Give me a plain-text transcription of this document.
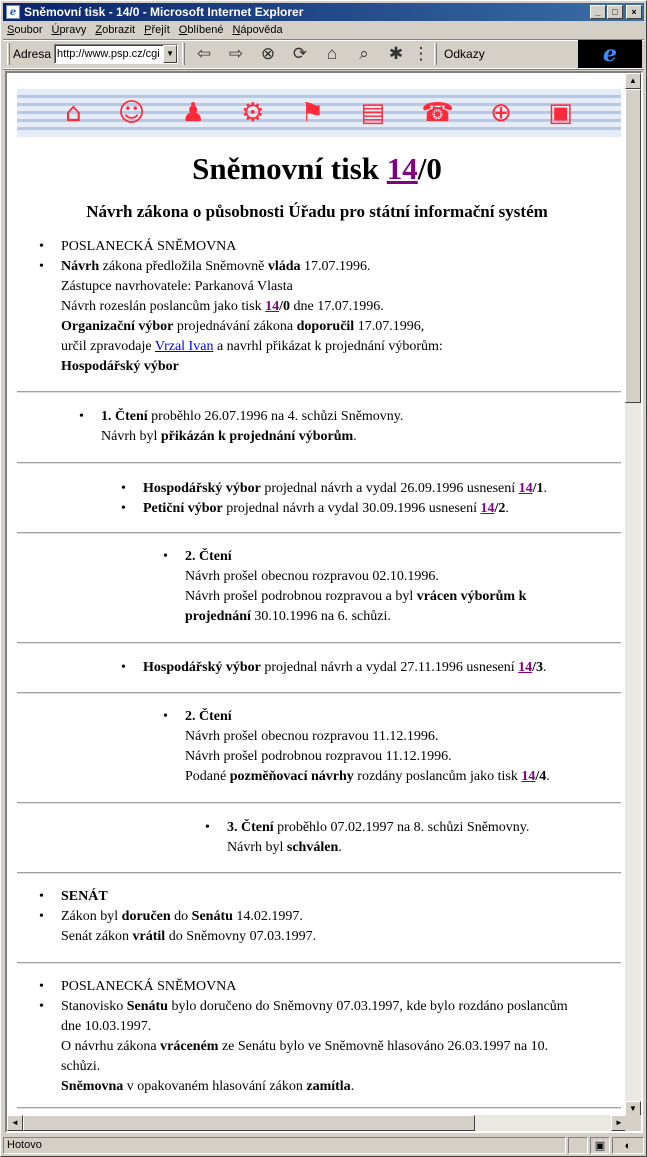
e Sněmovní tisk - 14/0 - Microsoft Internet Explorer	_	□	×
Soubor Úpravy Zobrazit Přejít Oblíbené Nápověda
Adresa http://www.psp.cz/cgi ▼	⇦	⇨	⊗	⟳	⌂	⌕	✱ ⋮ Odkazy	e
⌂ ☺ ♟ ⚙ ⚑ ▤ ☎ ⊕ ▣
Sněmovní tisk 14/0
Návrh zákona o působnosti Úřadu pro státní informační systém
•
•
POSLANECKÁ SNĚMOVNA
Návrh zákona předložila Sněmovně vláda 17.07.1996.
Zástupce navrhovatele: Parkanová Vlasta
Návrh rozeslán poslancům jako tisk 14/0 dne 17.07.1996.
Organizační výbor projednávání zákona doporučil 17.07.1996,
určil zpravodaje Vrzal Ivan a navrhl přikázat k projednání výborům:
Hospodářský výbor
• 1. Čtení proběhlo 26.07.1996 na 4. schůzi Sněmovny.
Návrh byl přikázán k projednání výborům.
•
•
Hospodářský výbor projednal návrh a vydal 26.09.1996 usnesení 14/1.
Petiční výbor projednal návrh a vydal 30.09.1996 usnesení 14/2.
• 2. Čtení
Návrh prošel obecnou rozpravou 02.10.1996.
Návrh prošel podrobnou rozpravou a byl vrácen výborům k
projednání 30.10.1996 na 6. schůzi.
• Hospodářský výbor projednal návrh a vydal 27.11.1996 usnesení 14/3.
• 2. Čtení
Návrh prošel obecnou rozpravou 11.12.1996.
Návrh prošel podrobnou rozpravou 11.12.1996.
Podané pozměňovací návrhy rozdány poslancům jako tisk 14/4.
• 3. Čtení proběhlo 07.02.1997 na 8. schůzi Sněmovny.
Návrh byl schválen.
•
•
SENÁT
Zákon byl doručen do Senátu 14.02.1997.
Senát zákon vrátil do Sněmovny 07.03.1997.
•
•
POSLANECKÁ SNĚMOVNA
Stanovisko Senátu bylo doručeno do Sněmovny 07.03.1997, kde bylo rozdáno poslancům
dne 10.03.1997.
O návrhu zákona vráceném ze Senátu bylo ve Sněmovně hlasováno 26.03.1997 na 10.
schůzi.
Sněmovna v opakovaném hlasování zákon zamítla.
▲
▼
◄	►
Hotovo	▣	◐
